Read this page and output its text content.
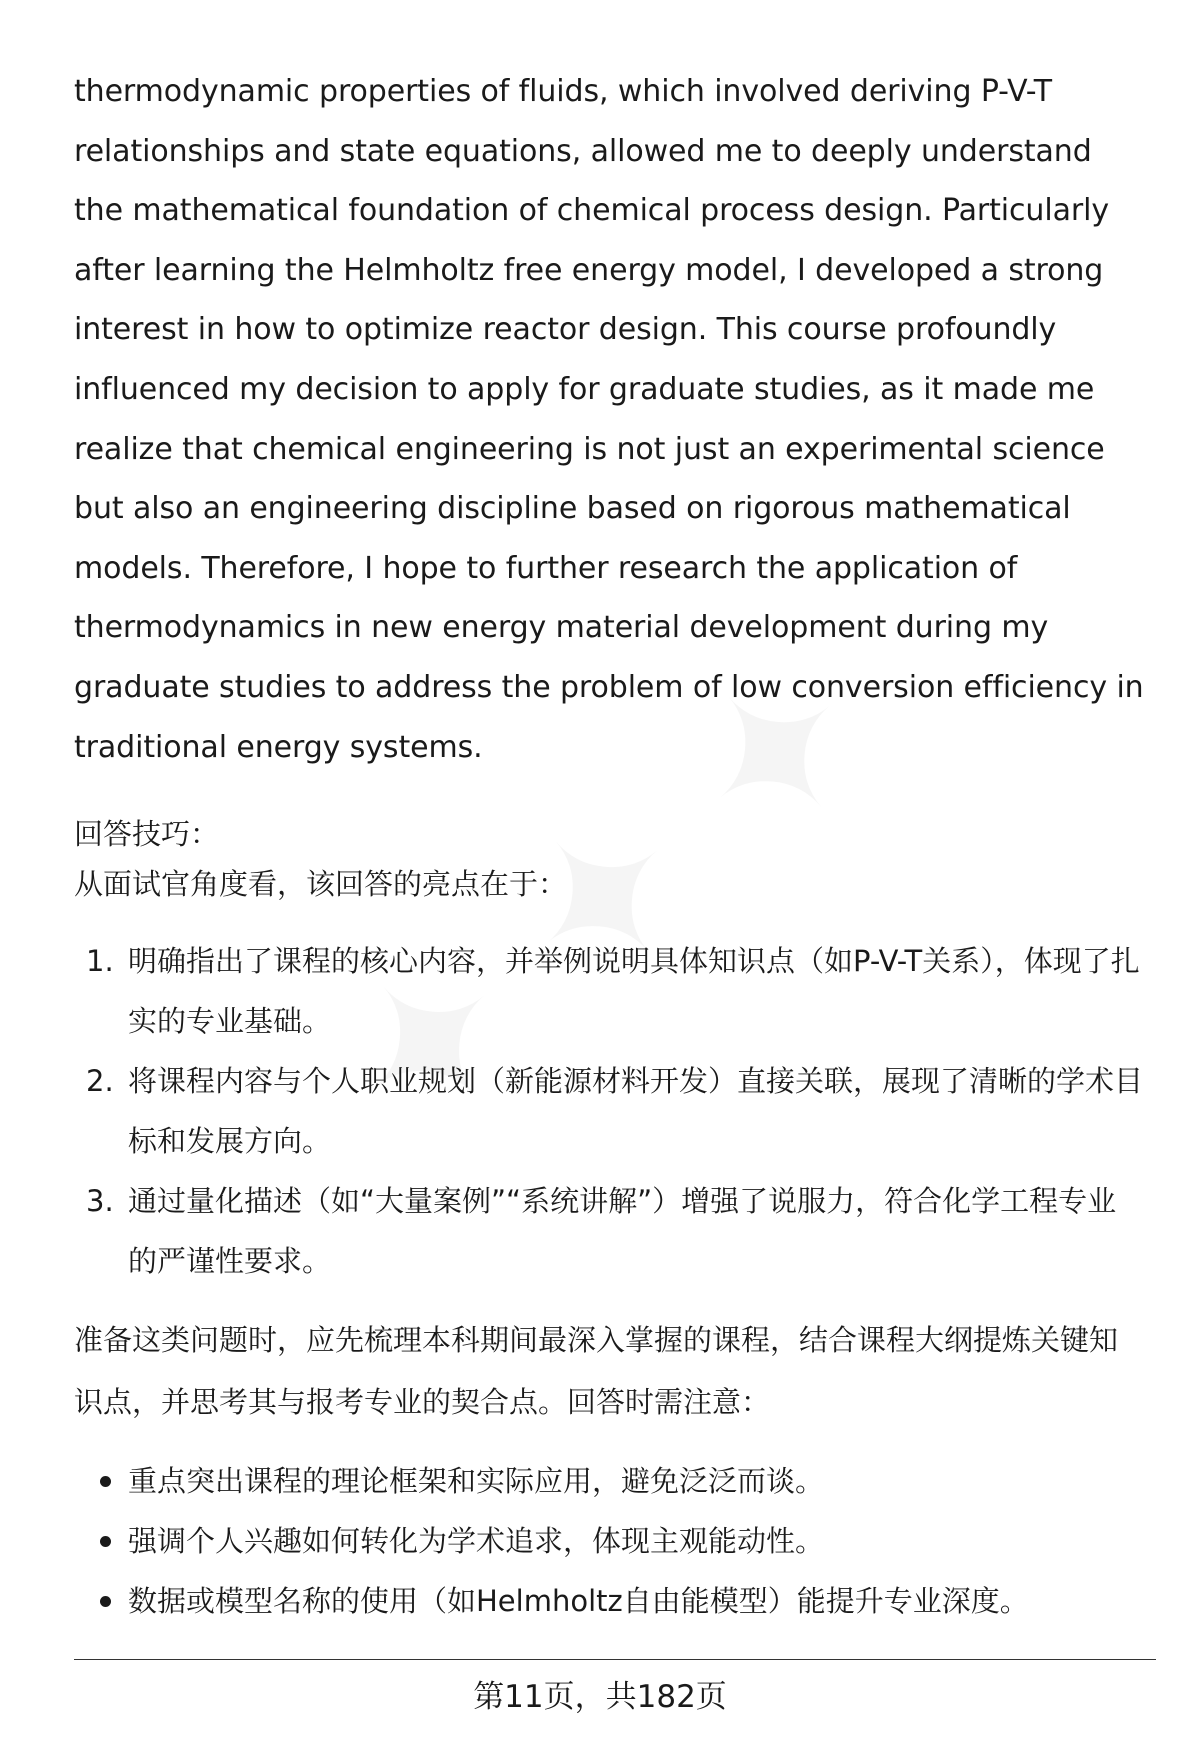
thermodynamic properties of fluids, which involved deriving P-V-T relationships and state equations, allowed me to deeply understand the mathematical foundation of chemical process design. Particularly after learning the Helmholtz free energy model, I developed a strong interest in how to optimize reactor design. This course profoundly influenced my decision to apply for graduate studies, as it made me realize that chemical engineering is not just an experimental science but also an engineering discipline based on rigorous mathematical models. Therefore, I hope to further research the application of thermodynamics in new energy material development during my graduate studies to address the problem of low conversion efficiency in traditional energy systems.

回答技巧：

从面试官角度看，该回答的亮点在于：

1. 明确指出了课程的核心内容，并举例说明具体知识点（如P-V-T关系），体现了扎实的专业基础。
2. 将课程内容与个人职业规划（新能源材料开发）直接关联，展现了清晰的学术目标和发展方向。
3. 通过量化描述（如“大量案例”“系统讲解”）增强了说服力，符合化学工程专业的严谨性要求。

准备这类问题时，应先梳理本科期间最深入掌握的课程，结合课程大纲提炼关键知识点，并思考其与报考专业的契合点。回答时需注意：

重点突出课程的理论框架和实际应用，避免泛泛而谈。
强调个人兴趣如何转化为学术追求，体现主观能动性。
数据或模型名称的使用（如Helmholtz自由能模型）能提升专业深度。
第11页，共182页
